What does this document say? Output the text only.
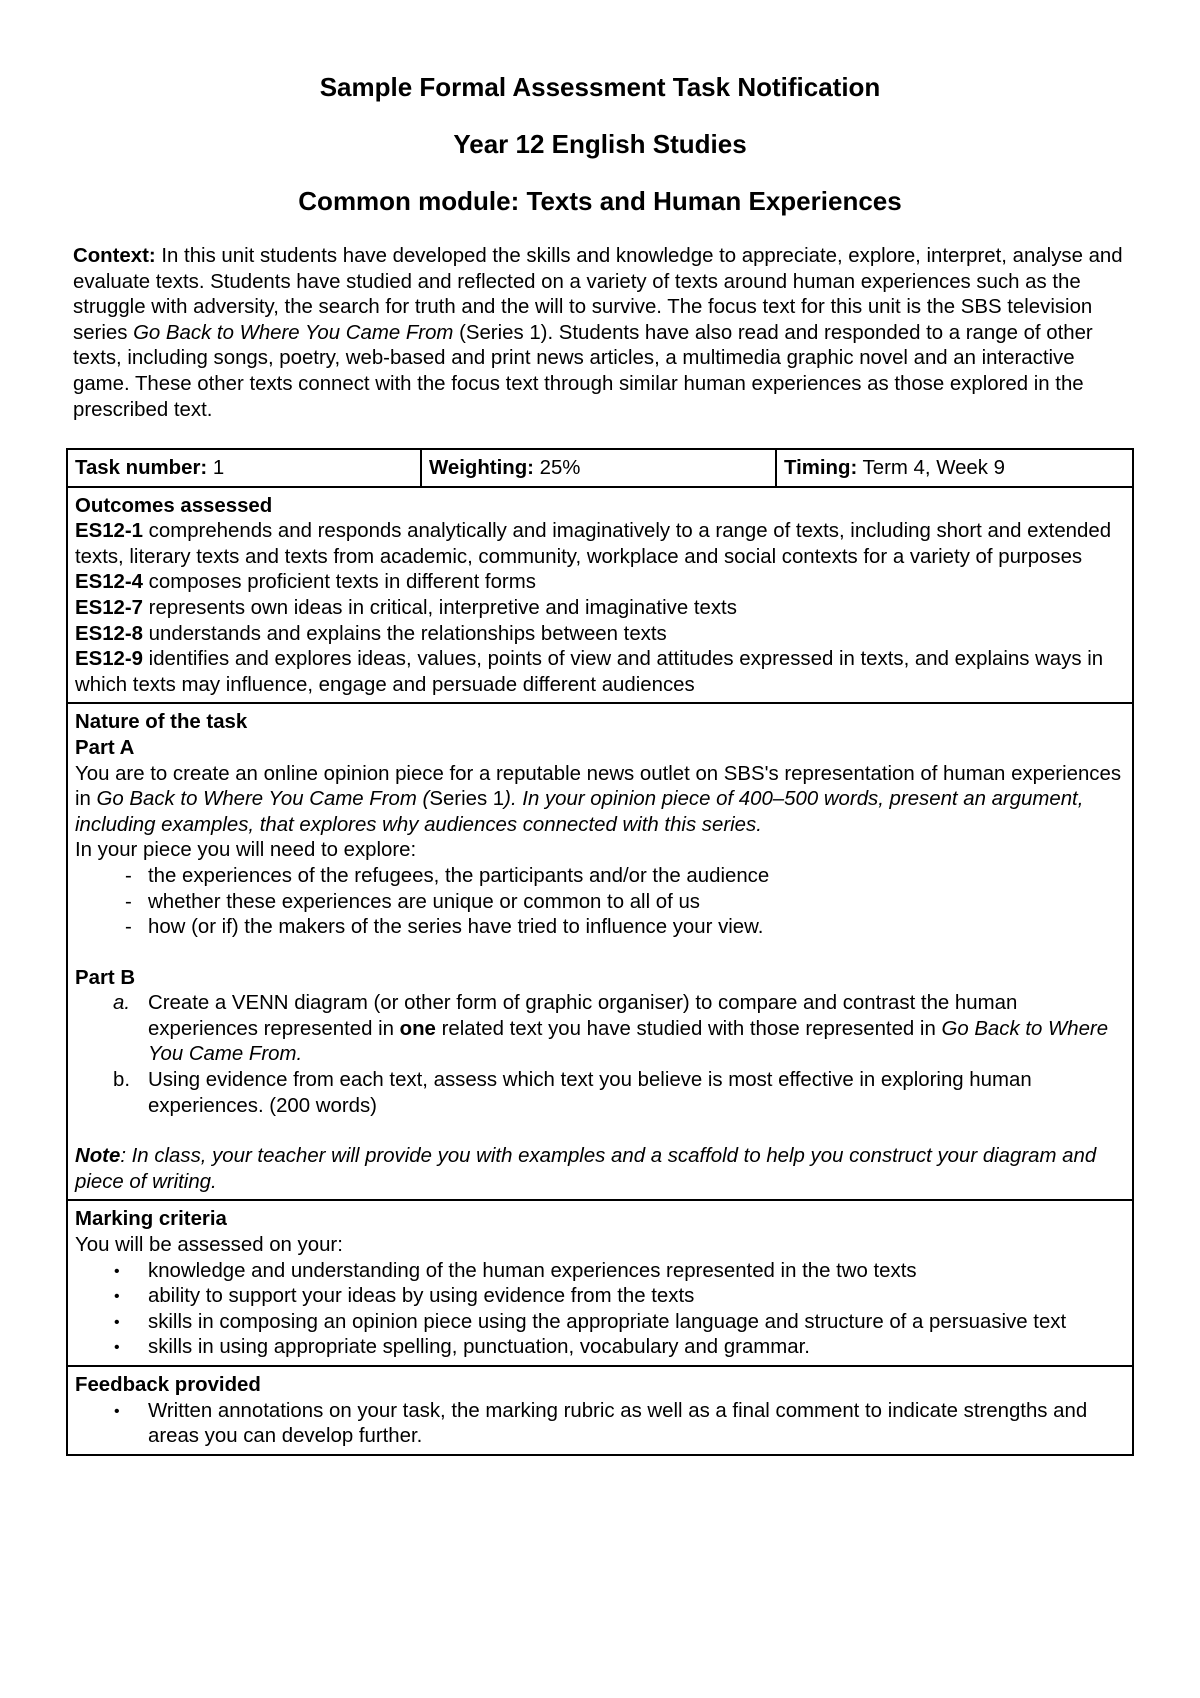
Sample Formal Assessment Task Notification
Year 12 English Studies
Common module: Texts and Human Experiences

Context: In this unit students have developed the skills and knowledge to appreciate, explore, interpret, analyse and evaluate texts. Students have studied and reflected on a variety of texts around human experiences such as the struggle with adversity, the search for truth and the will to survive. The focus text for this unit is the SBS television series Go Back to Where You Came From (Series 1). Students have also read and responded to a range of other texts, including songs, poetry, web-based and print news articles, a multimedia graphic novel and an interactive game. These other texts connect with the focus text through similar human experiences as those explored in the prescribed text.

Task number: 1	Weighting: 25%	Timing: Term 4, Week 9

Outcomes assessed

ES12-1 comprehends and responds analytically and imaginatively to a range of texts, including short and extended texts, literary texts and texts from academic, community, workplace and social contexts for a variety of purposes

ES12-4 composes proficient texts in different forms

ES12-7 represents own ideas in critical, interpretive and imaginative texts

ES12-8 understands and explains the relationships between texts

ES12-9 identifies and explores ideas, values, points of view and attitudes expressed in texts, and explains ways in which texts may influence, engage and persuade different audiences

Nature of the task

Part A

You are to create an online opinion piece for a reputable news outlet on SBS's representation of human experiences in Go Back to Where You Came From (Series 1). In your opinion piece of 400–500 words, present an argument, including examples, that explores why audiences connected with this series.

In your piece you will need to explore:

- the experiences of the refugees, the participants and/or the audience
- whether these experiences are unique or common to all of us
- how (or if) the makers of the series have tried to influence your view.

Part B

a. Create a VENN diagram (or other form of graphic organiser) to compare and contrast the human experiences represented in one related text you have studied with those represented in Go Back to Where You Came From.
b. Using evidence from each text, assess which text you believe is most effective in exploring human experiences. (200 words)

Note: In class, your teacher will provide you with examples and a scaffold to help you construct your diagram and piece of writing.

Marking criteria

You will be assessed on your:

• knowledge and understanding of the human experiences represented in the two texts
• ability to support your ideas by using evidence from the texts
• skills in composing an opinion piece using the appropriate language and structure of a persuasive text
• skills in using appropriate spelling, punctuation, vocabulary and grammar.

Feedback provided

• Written annotations on your task, the marking rubric as well as a final comment to indicate strengths and areas you can develop further.
